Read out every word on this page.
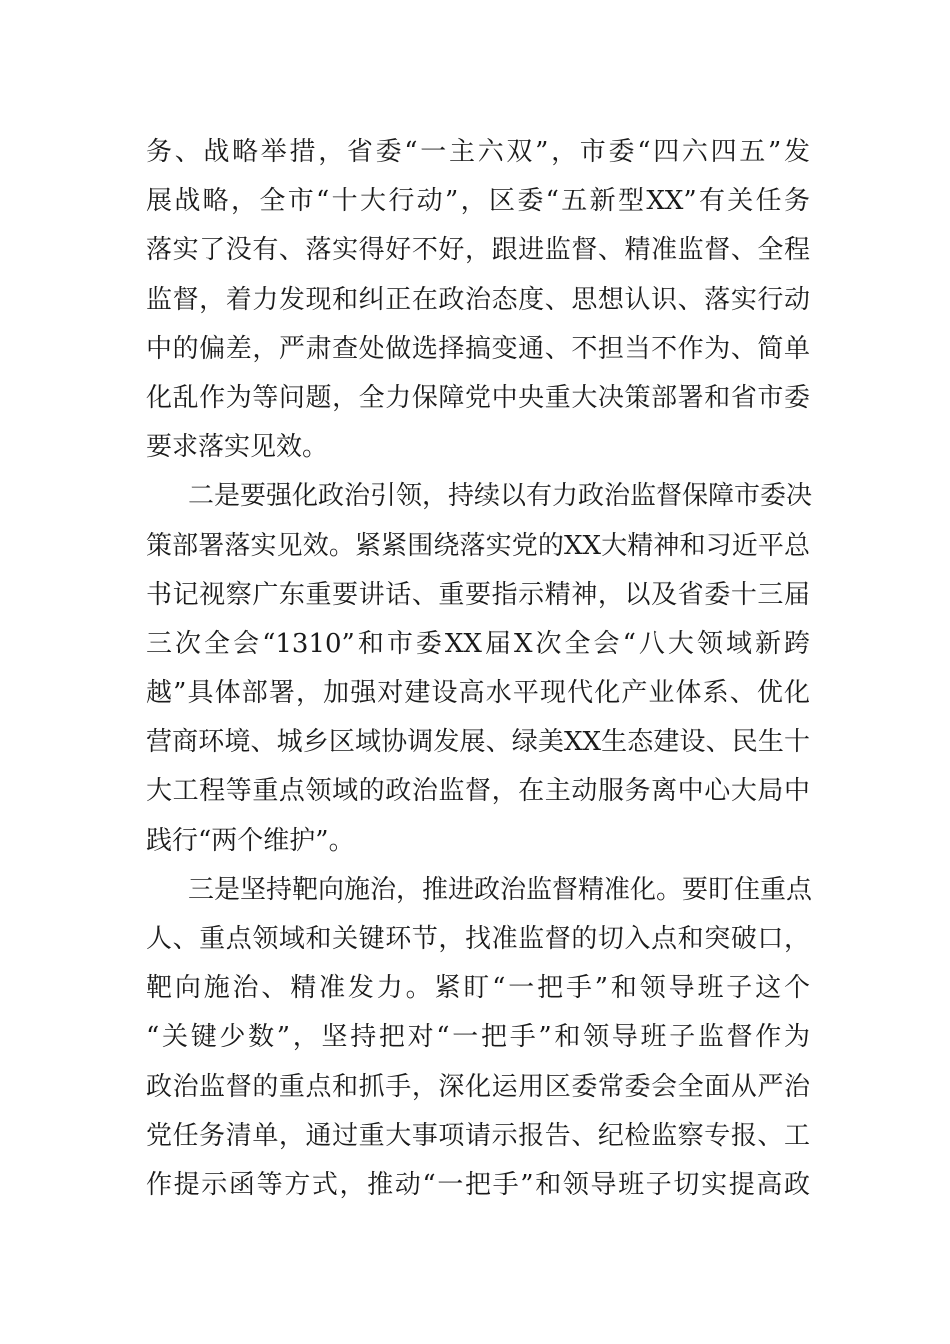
务、战略举措，省委“一主六双”，市委“四六四五”发
展战略，全市“十大行动”，区委“五新型XX”有关任务
落实了没有、落实得好不好，跟进监督、精准监督、全程
监督，着力发现和纠正在政治态度、思想认识、落实行动
中的偏差，严肃查处做选择搞变通、不担当不作为、简单
化乱作为等问题，全力保障党中央重大决策部署和省市委
要求落实见效。
二是要强化政治引领，持续以有力政治监督保障市委决
策部署落实见效。紧紧围绕落实党的XX大精神和习近平总
书记视察广东重要讲话、重要指示精神，以及省委十三届
三次全会“1310”和市委XX届X次全会“八大领域新跨
越”具体部署，加强对建设高水平现代化产业体系、优化
营商环境、城乡区域协调发展、绿美XX生态建设、民生十
大工程等重点领域的政治监督，在主动服务离中心大局中
践行“两个维护”。
三是坚持靶向施治，推进政治监督精准化。要盯住重点
人、重点领域和关键环节，找准监督的切入点和突破口，
靶向施治、精准发力。紧盯“一把手”和领导班子这个
“关键少数”，坚持把对“一把手”和领导班子监督作为
政治监督的重点和抓手，深化运用区委常委会全面从严治
党任务清单，通过重大事项请示报告、纪检监察专报、工
作提示函等方式，推动“一把手”和领导班子切实提高政
